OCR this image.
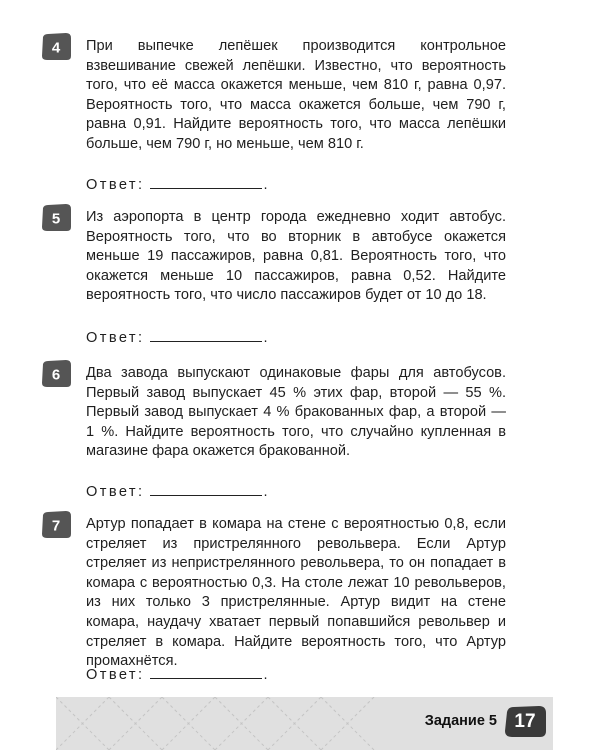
4 При выпечке лепёшек производится контрольное взвешивание свежей лепёшки. Известно, что вероятность того, что её масса окажется меньше, чем 810 г, равна 0,97. Вероятность того, что масса окажется больше, чем 790 г, равна 0,91. Найдите вероятность того, что масса лепёшки больше, чем 790 г, но меньше, чем 810 г.

Ответ:	.
5 Из аэропорта в центр города ежедневно ходит автобус. Вероятность того, что во вторник в автобусе окажется меньше 19 пассажиров, равна 0,81. Вероятность того, что окажется меньше 10 пассажиров, равна 0,52. Найдите вероятность того, что число пассажиров будет от 10 до 18.

Ответ:	.
6 Два завода выпускают одинаковые фары для автобусов. Первый завод выпускает 45 % этих фар, второй — 55 %. Первый завод выпускает 4 % бракованных фар, а второй — 1 %. Найдите вероятность того, что случайно купленная в магазине фара окажется бракованной.

Ответ:	.
7 Артур попадает в комара на стене с вероятностью 0,8, если стреляет из пристрелянного револьвера. Если Артур стреляет из непристрелянного револьвера, то он попадает в комара с вероятностью 0,3. На столе лежат 10 револьверов, из них только 3 пристрелянные. Артур видит на стене комара, наудачу хватает первый попавшийся револьвер и стреляет в комара. Найдите вероятность того, что Артур промахнётся.

Ответ:	.
Задание 5 17
